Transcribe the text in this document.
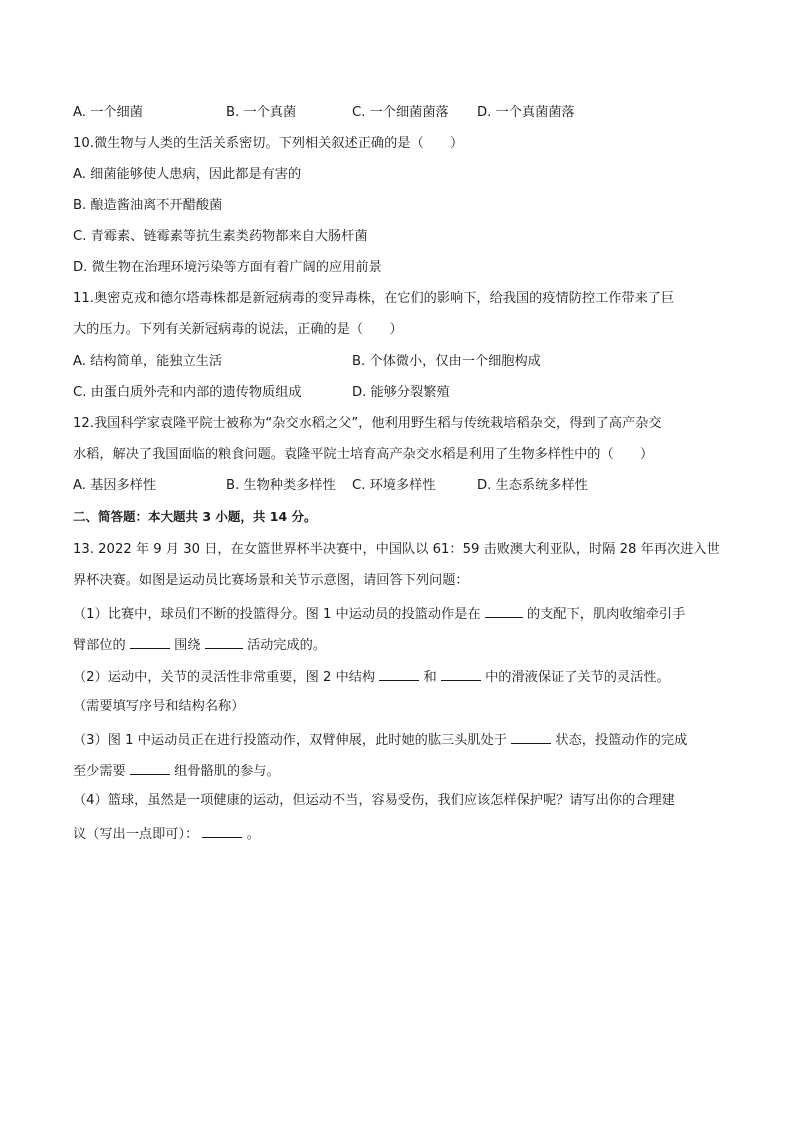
A. 一个细菌	B. 一个真菌	C. 一个细菌菌落 D. 一个真菌菌落
10.微生物与人类的生活关系密切。下列相关叙述正确的是（　　）
A. 细菌能够使人患病，因此都是有害的
B. 酿造酱油离不开醋酸菌
C. 青霉素、链霉素等抗生素类药物都来自大肠杆菌
D. 微生物在治理环境污染等方面有着广阔的应用前景
11.奥密克戎和德尔塔毒株都是新冠病毒的变异毒株，在它们的影响下，给我国的疫情防控工作带来了巨
大的压力。下列有关新冠病毒的说法，正确的是（　　）
A. 结构简单，能独立生活	B. 个体微小，仅由一个细胞构成
C. 由蛋白质外壳和内部的遗传物质组成	D. 能够分裂繁殖
12.我国科学家袁隆平院士被称为“杂交水稻之父”，他利用野生稻与传统栽培稻杂交，得到了高产杂交
水稻，解决了我国面临的粮食问题。袁隆平院士培育高产杂交水稻是利用了生物多样性中的（　　）
A. 基因多样性	B. 生物种类多样性 C. 环境多样性	D. 生态系统多样性
二、简答题：本大题共 3 小题，共 14 分。
13. 2022 年 9 月 30 日，在女篮世界杯半决赛中，中国队以 61：59 击败澳大利亚队，时隔 28 年再次进入世
界杯决赛。如图是运动员比赛场景和关节示意图，请回答下列问题：
（1）比赛中，球员们不断的投篮得分。图 1 中运动员的投篮动作是在	的支配下，肌肉收缩牵引手
臂部位的	围绕	活动完成的。
（2）运动中，关节的灵活性非常重要，图 2 中结构	和	中的滑液保证了关节的灵活性。
（需要填写序号和结构名称）
（3）图 1 中运动员正在进行投篮动作，双臂伸展，此时她的肱三头肌处于	状态，投篮动作的完成
至少需要	组骨骼肌的参与。
（4）篮球，虽然是一项健康的运动，但运动不当，容易受伤，我们应该怎样保护呢？请写出你的合理建
议（写出一点即可）：	。
